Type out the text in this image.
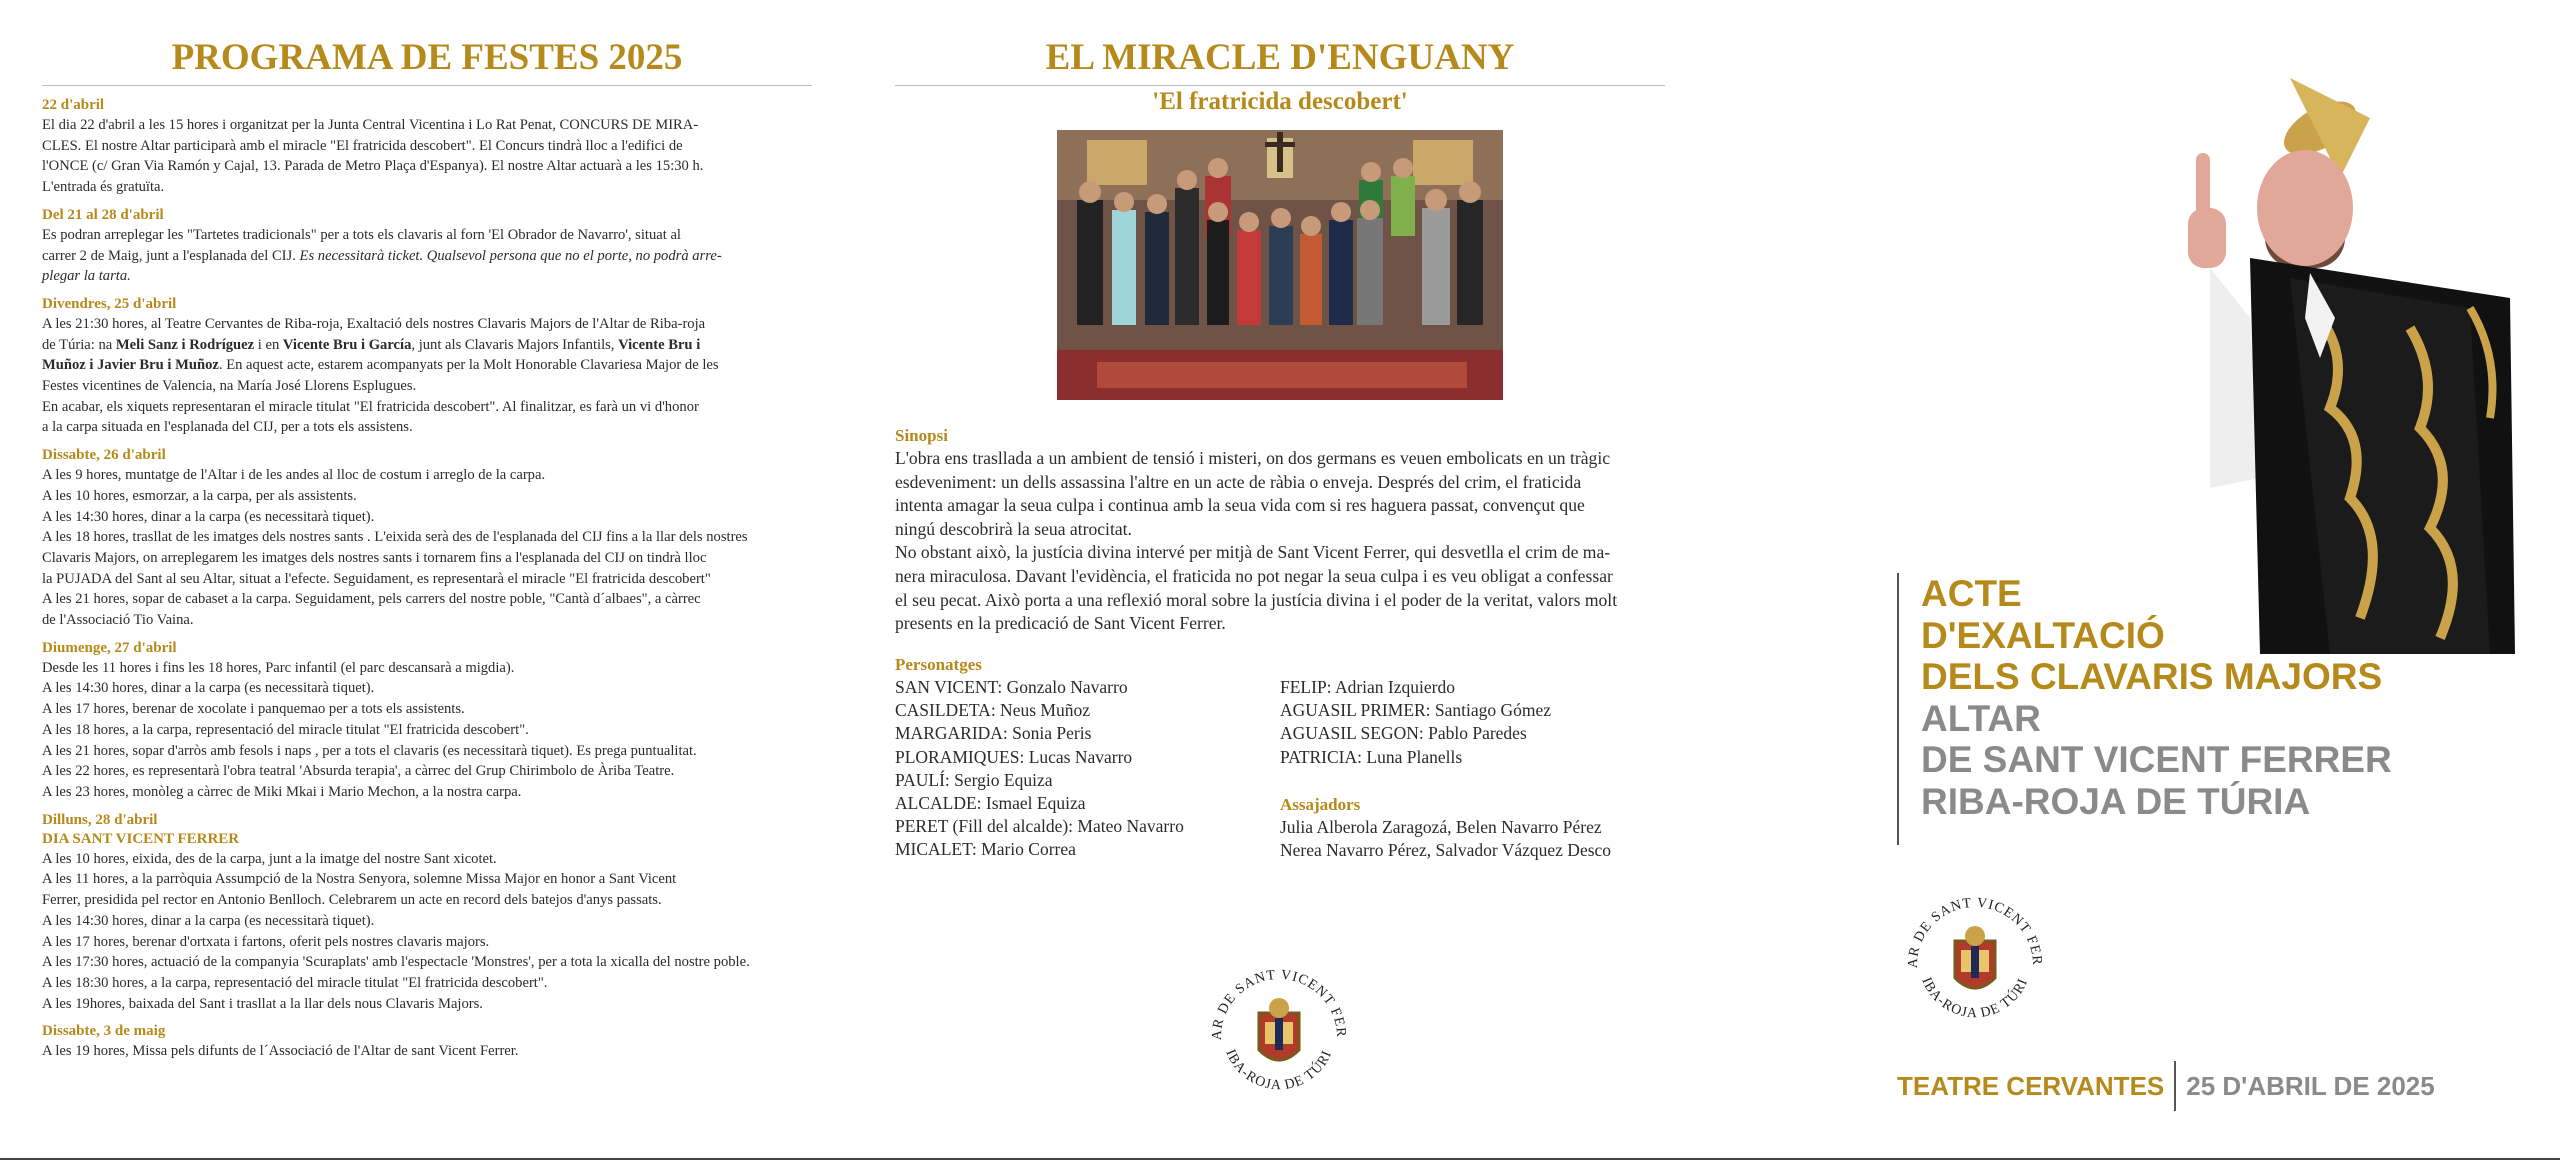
PROGRAMA DE FESTES 2025
22 d'abril
El dia 22 d'abril a les 15 hores i organitzat per la Junta Central Vicentina i Lo Rat Penat, CONCURS DE MIRA-
CLES. El nostre Altar participarà amb el miracle "El fratricida descobert". El Concurs tindrà lloc a l'edifici de
l'ONCE (c/ Gran Via Ramón y Cajal, 13. Parada de Metro Plaça d'Espanya). El nostre Altar actuarà a les 15:30 h.
L'entrada és gratuïta.
Del 21 al 28 d'abril
Es podran arreplegar les "Tartetes tradicionals" per a tots els clavaris al forn 'El Obrador de Navarro', situat al
carrer 2 de Maig, junt a l'esplanada del CIJ. Es necessitarà ticket. Qualsevol persona que no el porte, no podrà arre-
plegar la tarta.
Divendres, 25 d'abril
A les 21:30 hores, al Teatre Cervantes de Riba-roja, Exaltació dels nostres Clavaris Majors de l'Altar de Riba-roja
de Túria: na Meli Sanz i Rodríguez i en Vicente Bru i García, junt als Clavaris Majors Infantils, Vicente Bru i
Muñoz i Javier Bru i Muñoz. En aquest acte, estarem acompanyats per la Molt Honorable Clavariesa Major de les
Festes vicentines de Valencia, na María José Llorens Esplugues.
En acabar, els xiquets representaran el miracle titulat "El fratricida descobert". Al finalitzar, es farà un vi d'honor
a la carpa situada en l'esplanada del CIJ, per a tots els assistens.
Dissabte, 26 d'abril
A les 9 hores, muntatge de l'Altar i de les andes al lloc de costum i arreglo de la carpa.
A les 10 hores, esmorzar, a la carpa, per als assistents.
A les 14:30 hores, dinar a la carpa (es necessitarà tiquet).
A les 18 hores, trasllat de les imatges dels nostres sants . L'eixida serà des de l'esplanada del CIJ fins a la llar dels nostres
Clavaris Majors, on arreplegarem les imatges dels nostres sants i tornarem fins a l'esplanada del CIJ on tindrà lloc
la PUJADA del Sant al seu Altar, situat a l'efecte. Seguidament, es representarà el miracle "El fratricida descobert"
A les 21 hores, sopar de cabaset a la carpa. Seguidament, pels carrers del nostre poble, "Cantà d´albaes", a càrrec
de l'Associació Tio Vaina.
Diumenge, 27 d'abril
Desde les 11 hores i fins les 18 hores, Parc infantil (el parc descansarà a migdia).
A les 14:30 hores, dinar a la carpa (es necessitarà tiquet).
A les 17 hores, berenar de xocolate i panquemao per a tots els assistents.
A les 18 hores, a la carpa, representació del miracle titulat "El fratricida descobert".
A les 21 hores, sopar d'arròs amb fesols i naps , per a tots el clavaris (es necessitarà tiquet). Es prega puntualitat.
A les 22 hores, es representarà l'obra teatral 'Absurda terapia', a càrrec del Grup Chirimbolo de Àriba Teatre.
A les 23 hores, monòleg a càrrec de Miki Mkai i Mario Mechon, a la nostra carpa.
Dilluns, 28 d'abril
DIA SANT VICENT FERRER
A les 10 hores, eixida, des de la carpa, junt a la imatge del nostre Sant xicotet.
A les 11 hores, a la parròquia Assumpció de la Nostra Senyora, solemne Missa Major en honor a Sant Vicent
Ferrer, presidida pel rector en Antonio Benlloch. Celebrarem un acte en record dels batejos d'anys passats.
A les 14:30 hores, dinar a la carpa (es necessitarà tiquet).
A les 17 hores, berenar d'ortxata i fartons, oferit pels nostres clavaris majors.
A les 17:30 hores, actuació de la companyia 'Scuraplats' amb l'espectacle 'Monstres', per a tota la xicalla del nostre poble.
A les 18:30 hores, a la carpa, representació del miracle titulat "El fratricida descobert".
A les 19hores, baixada del Sant i trasllat a la llar dels nous Clavaris Majors.
Dissabte, 3 de maig
A les 19 hores, Missa pels difunts de l´Associació de l'Altar de sant Vicent Ferrer.
EL MIRACLE D'ENGUANY
'El fratricida descobert'
Sinopsi
L'obra ens trasllada a un ambient de tensió i misteri, on dos germans es veuen embolicats en un tràgic
esdeveniment: un dells assassina l'altre en un acte de ràbia o enveja. Després del crim, el fraticida
intenta amagar la seua culpa i continua amb la seua vida com si res haguera passat, convençut que
ningú descobrirà la seua atrocitat.
No obstant això, la justícia divina intervé per mitjà de Sant Vicent Ferrer, qui desvetlla el crim de ma-
nera miraculosa. Davant l'evidència, el fraticida no pot negar la seua culpa i es veu obligat a confessar
el seu pecat. Això porta a una reflexió moral sobre la justícia divina i el poder de la veritat, valors molt
presents en la predicació de Sant Vicent Ferrer.
Personatges
SAN VICENT: Gonzalo Navarro
CASILDETA: Neus Muñoz
MARGARIDA: Sonia Peris
PLORAMIQUES: Lucas Navarro
PAULÍ: Sergio Equiza
ALCALDE: Ismael Equiza
PERET (Fill del alcalde): Mateo Navarro
MICALET: Mario Correa
FELIP: Adrian Izquierdo
AGUASIL PRIMER: Santiago Gómez
AGUASIL SEGON: Pablo Paredes
PATRICIA: Luna Planells
Assajadors
Julia Alberola Zaragozá, Belen Navarro Pérez
Nerea Navarro Pérez, Salvador Vázquez Desco
AR DE SANT VICENT FER
IBA-ROJA DE TÚRI
ACTE
D'EXALTACIÓ
DELS CLAVARIS MAJORS
ALTAR
DE SANT VICENT FERRER
RIBA-ROJA DE TÚRIA
AR DE SANT VICENT FER
IBA-ROJA DE TÚRI
TEATRE CERVANTES 25 D'ABRIL DE 2025
